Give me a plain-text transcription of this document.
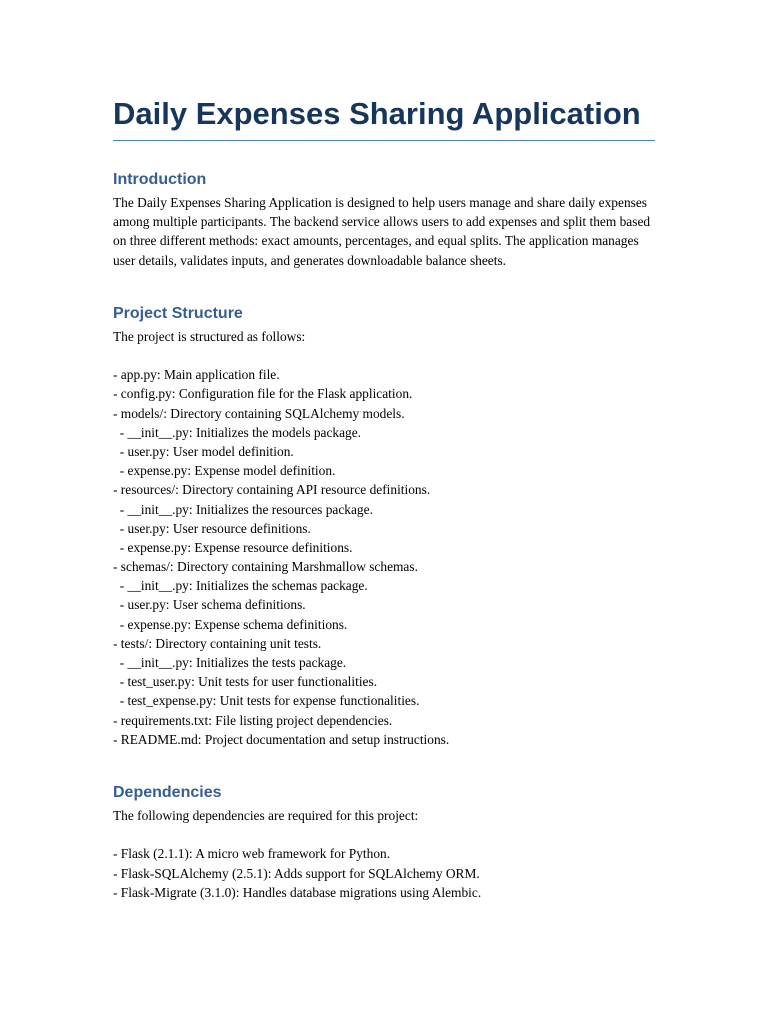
Daily Expenses Sharing Application
Introduction

The Daily Expenses Sharing Application is designed to help users manage and share daily expenses among multiple participants. The backend service allows users to add expenses and split them based on three different methods: exact amounts, percentages, and equal splits. The application manages user details, validates inputs, and generates downloadable balance sheets.

Project Structure

The project is structured as follows:

- app.py: Main application file.
- config.py: Configuration file for the Flask application.
- models/: Directory containing SQLAlchemy models.
- __init__.py: Initializes the models package.
- user.py: User model definition.
- expense.py: Expense model definition.
- resources/: Directory containing API resource definitions.
- __init__.py: Initializes the resources package.
- user.py: User resource definitions.
- expense.py: Expense resource definitions.
- schemas/: Directory containing Marshmallow schemas.
- __init__.py: Initializes the schemas package.
- user.py: User schema definitions.
- expense.py: Expense schema definitions.
- tests/: Directory containing unit tests.
- __init__.py: Initializes the tests package.
- test_user.py: Unit tests for user functionalities.
- test_expense.py: Unit tests for expense functionalities.
- requirements.txt: File listing project dependencies.
- README.md: Project documentation and setup instructions.
Dependencies

The following dependencies are required for this project:

- Flask (2.1.1): A micro web framework for Python.
- Flask-SQLAlchemy (2.5.1): Adds support for SQLAlchemy ORM.
- Flask-Migrate (3.1.0): Handles database migrations using Alembic.
